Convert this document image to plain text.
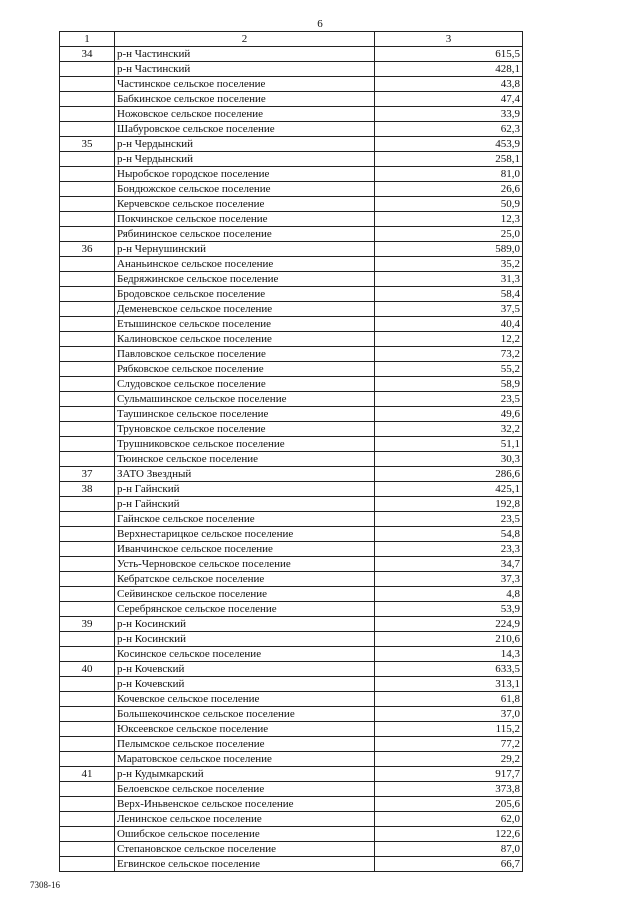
6
1	2	3
34	р-н Частинский	615,5
	р-н Частинский	428,1
	Частинское сельское поселение	43,8
	Бабкинское сельское поселение	47,4
	Ножовское сельское поселение	33,9
	Шабуровское сельское поселение	62,3
35	р-н Чердынский	453,9
	р-н Чердынский	258,1
	Ныробское городское поселение	81,0
	Бондюжское сельское поселение	26,6
	Керчевское сельское поселение	50,9
	Покчинское сельское поселение	12,3
	Рябининское сельское поселение	25,0
36	р-н Чернушинский	589,0
	Ананьинское сельское поселение	35,2
	Бедряжинское сельское поселение	31,3
	Бродовское сельское поселение	58,4
	Деменевское сельское поселение	37,5
	Етышинское сельское поселение	40,4
	Калиновское сельское поселение	12,2
	Павловское сельское поселение	73,2
	Рябковское сельское поселение	55,2
	Слудовское сельское поселение	58,9
	Сульмашинское сельское поселение	23,5
	Таушинское сельское поселение	49,6
	Труновское сельское поселение	32,2
	Трушниковское сельское поселение	51,1
	Тюинское сельское поселение	30,3
37	ЗАТО Звездный	286,6
38	р-н Гайнский	425,1
	р-н Гайнский	192,8
	Гайнское сельское поселение	23,5
	Верхнестарицкое сельское поселение	54,8
	Иванчинское сельское поселение	23,3
	Усть-Черновское сельское поселение	34,7
	Кебратское сельское поселение	37,3
	Сейвинское сельское поселение	4,8
	Серебрянское сельское поселение	53,9
39	р-н Косинский	224,9
	р-н Косинский	210,6
	Косинское сельское поселение	14,3
40	р-н Кочевский	633,5
	р-н Кочевский	313,1
	Кочевское сельское поселение	61,8
	Большекочинское сельское поселение	37,0
	Юксеевское сельское поселение	115,2
	Пелымское сельское поселение	77,2
	Маратовское сельское поселение	29,2
41	р-н Кудымкарский	917,7
	Белоевское сельское поселение	373,8
	Верх-Иньвенское сельское поселение	205,6
	Ленинское сельское поселение	62,0
	Ошибское сельское поселение	122,6
	Степановское сельское поселение	87,0
	Егвинское сельское поселение	66,7
7308-16
